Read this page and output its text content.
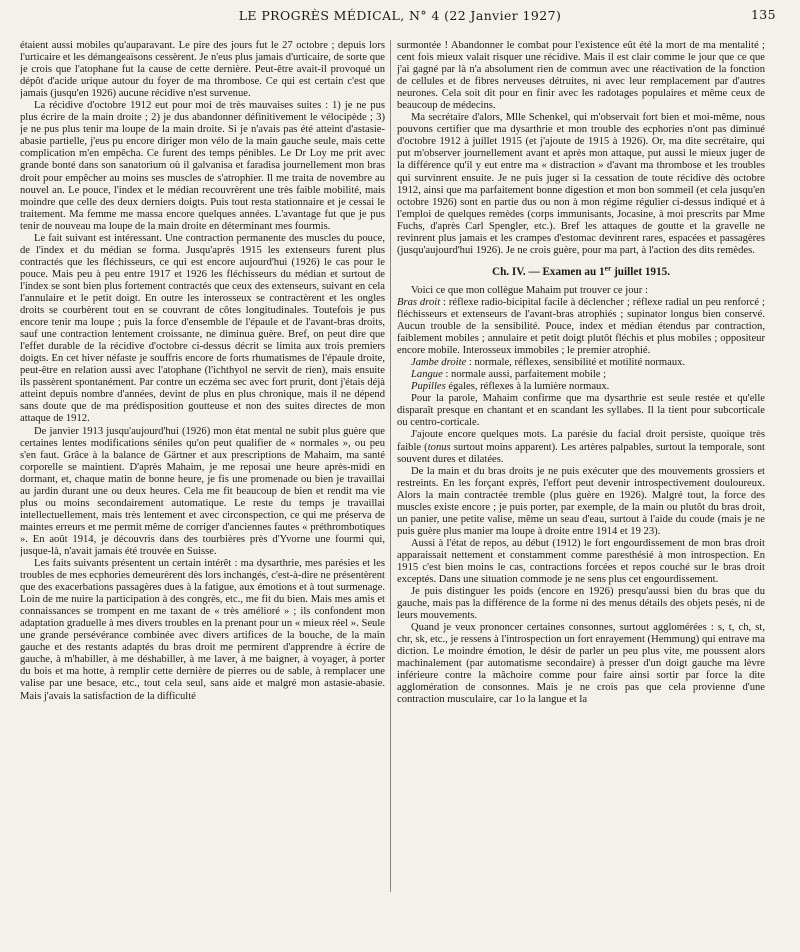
LE PROGRÈS MÉDICAL, N° 4 (22 Janvier 1927)	135

étaient aussi mobiles qu'auparavant. Le pire des jours fut le 27 octobre ; depuis lors l'urticaire et les démangeaisons cessèrent. Je n'eus plus jamais d'urticaire, de sorte que je crois que l'atophane fut la cause de cette dernière. Peut-être avait-il provoqué un dépôt d'acide urique autour du foyer de ma thrombose. Ce qui est certain c'est que jamais (jusqu'en 1926) aucune récidive n'est survenue.

La récidive d'octobre 1912 eut pour moi de très mauvaises suites : 1) je ne pus plus écrire de la main droite ; 2) je dus abandonner définitivement le vélocipède ; 3) je ne pus plus tenir ma loupe de la main droite. Si je n'avais pas été atteint d'astasie-abasie partielle, j'eus pu encore diriger mon vélo de la main gauche seule, mais cette complication m'en empêcha. Ce furent des temps pénibles. Le Dr Loy me prit avec grande bonté dans son sanatorium où il galvanisa et faradisa journellement mon bras droit pour empêcher au moins ses muscles de s'atrophier. Il me traita de novembre au nouvel an. Le pouce, l'index et le médian recouvrèrent une très faible mobilité, mais moindre que celle des deux derniers doigts. Puis tout resta stationnaire et je cessai le traitement. Ma femme me massa encore quelques années. L'avantage fut que je pus tenir de nouveau ma loupe de la main droite en déterminant mes fourmis.

Le fait suivant est intéressant. Une contraction permanente des muscles du pouce, de l'index et du médian se forma. Jusqu'après 1915 les extenseurs furent plus contractés que les fléchisseurs, ce qui est encore aujourd'hui (1926) le cas pour le pouce. Mais peu à peu entre 1917 et 1926 les fléchisseurs du médian et surtout de l'index se sont bien plus fortement contractés que ceux des extenseurs, suivant en cela l'annulaire et le petit doigt. En outre les interosseux se contractèrent et les ongles droits se courbèrent tout en se couvrant de côtes longitudinales. Toutefois je pus encore tenir ma loupe ; puis la force d'ensemble de l'épaule et de l'avant-bras droits, sauf une contraction lentement croissante, ne diminua guère. Bref, on peut dire que l'effet durable de la récidive d'octobre ci-dessus décrit se limita aux trois premiers doigts. En cet hiver néfaste je souffris encore de forts rhumatismes de l'épaule droite, peut-être en relation aussi avec l'atophane (l'ichthyol ne servit de rien), mais ensuite ils passèrent spontanément. Par contre un eczéma sec avec fort prurit, dont j'étais déjà atteint depuis nombre d'années, devint de plus en plus chronique, mais il ne dépend sans doute que de ma prédisposition goutteuse et non des suites directes de mon attaque de 1912.

De janvier 1913 jusqu'aujourd'hui (1926) mon état mental ne subit plus guère que certaines lentes modifications séniles qu'on peut qualifier de « normales », ou peu s'en faut. Grâce à la balance de Gärtner et aux prescriptions de Mahaim, ma santé corporelle se maintient. D'après Mahaim, je me reposai une heure après-midi en dormant, et, chaque matin de bonne heure, je fis une promenade ou bien je travaillai au jardin durant une ou deux heures. Cela me fit beaucoup de bien et rendit ma vie plus ou moins secondairement automatique. Le reste du temps je travaillai intellectuellement, mais très lentement et avec circonspection, ce qui me préserva de maintes erreurs et me permit même de corriger d'anciennes fautes « préthrombotiques ». En août 1914, je découvris dans des tourbières près d'Yvorne une fourmi qui, jusque-là, n'avait jamais été trouvée en Suisse.

Les faits suivants présentent un certain intérêt : ma dysarthrie, mes parésies et les troubles de mes ecphories demeurèrent dès lors inchangés, c'est-à-dire ne présentèrent que des exacerbations passagères dues à la fatigue, aux émotions et à tout surmenage. Loin de me nuire la participation à des congrès, etc., me fit du bien. Mais mes amis et connaissances se trompent en me taxant de « très amélioré » ; ils confondent mon adaptation graduelle à mes divers troubles en la prenant pour un « mieux réel ». Seule une grande persévérance combinée avec divers artifices de la bouche, de la main gauche et des restants adaptés du bras droit me permirent d'apprendre à écrire de gauche, à m'habiller, à me déshabiller, à me laver, à me baigner, à voyager, à porter du bois et ma hotte, à remplir cette dernière de pierres ou de sable, à remplacer une valise par une besace, etc., tout cela seul, sans aide et malgré mon astasie-abasie. Mais j'avais la satisfaction de la difficulté

surmontée ! Abandonner le combat pour l'existence eût été la mort de ma mentalité ; cent fois mieux valait risquer une récidive. Mais il est clair comme le jour que ce que j'ai gagné par là n'a absolument rien de commun avec une réactivation de la fonction de cellules et de fibres nerveuses détruites, ni avec leur remplacement par d'autres neurones. Cela soit dit pour en finir avec les radotages populaires et même ceux de beaucoup de médecins.

Ma secrétaire d'alors, Mlle Schenkel, qui m'observait fort bien et moi-même, nous pouvons certifier que ma dysarthrie et mon trouble des ecphories n'ont pas diminué d'octobre 1912 à juillet 1915 (et j'ajoute de 1915 à 1926). Or, ma dite secrétaire, qui put m'observer journellement avant et après mon attaque, put aussi le mieux juger de la différence qu'il y eut entre ma « distraction » d'avant ma thrombose et les troubles qui survinrent ensuite. Je ne puis juger si la cessation de toute récidive dès octobre 1912, ainsi que ma parfaitement bonne digestion et mon bon sommeil (et cela jusqu'en octobre 1926) sont en partie dus ou non à mon régime régulier ci-dessus indiqué et à l'emploi de quelques remèdes (corps immunisants, Jocasine, à moi prescrits par Mme Fuchs, d'après Carl Spengler, etc.). Bref les attaques de goutte et la gravelle ne revinrent plus jamais et les crampes d'estomac devinrent rares, espacées et passagères (jusqu'aujourd'hui 1926). Je ne crois guère, pour ma part, à l'action des dits remèdes.

Ch. IV. — Examen au 1er juillet 1915.

Voici ce que mon collègue Mahaim put trouver ce jour :

Bras droit : réflexe radio-bicipital facile à déclencher ; réflexe radial un peu renforcé ; fléchisseurs et extenseurs de l'avant-bras atrophiés ; supinator longus bien conservé. Aucun trouble de la sensibilité. Pouce, index et médian étendus par contraction, faiblement mobiles ; annulaire et petit doigt plutôt fléchis et plus mobiles ; oppositeur encore mobile. Interosseux immobiles ; le premier atrophié.

Jambe droite : normale, réflexes, sensibilité et motilité normaux.

Langue : normale aussi, parfaitement mobile ;

Pupilles égales, réflexes à la lumière normaux.

Pour la parole, Mahaim confirme que ma dysarthrie est seule restée et qu'elle disparaît presque en chantant et en scandant les syllabes. Il la tient pour subcorticale ou centro-corticale.

J'ajoute encore quelques mots. La parésie du facial droit persiste, quoique très faible (tonus surtout moins apparent). Les artères palpables, surtout la temporale, sont souvent dures et dilatées.

De la main et du bras droits je ne puis exécuter que des mouvements grossiers et restreints. En les forçant exprès, l'effort peut devenir introspectivement douloureux. Alors la main contractée tremble (plus guère en 1926). Malgré tout, la force des muscles existe encore ; je puis porter, par exemple, de la main ou plutôt du bras droit, un panier, une petite valise, même un seau d'eau, surtout à l'aide du coude (mais je ne puis guère plus manier ma loupe à droite entre 1914 et 19 23).

Aussi à l'état de repos, au début (1912) le fort engourdissement de mon bras droit apparaissait nettement et constamment comme paresthésié à mon introspection. En 1915 c'est bien moins le cas, contractions forcées et repos couché sur le bras droit exceptés. Dans une situation commode je ne sens plus cet engourdissement.

Je puis distinguer les poids (encore en 1926) presqu'aussi bien du bras que du gauche, mais pas la différence de la forme ni des menus détails des objets pesés, ni de leurs mouvements.

Quand je veux prononcer certaines consonnes, surtout agglomérées : s, t, ch, st, chr, sk, etc., je ressens à l'introspection un fort enrayement (Hemmung) qui entrave ma diction. Le moindre émotion, le désir de parler un peu plus vite, me poussent alors machinalement (par automatisme secondaire) à presser d'un doigt gauche ma lèvre inférieure contre la mâchoire comme pour faire ainsi sortir par force la dite agglomération de consonnes. Mais je ne crois pas que cela provienne d'une contraction musculaire, car 1o la langue et la
